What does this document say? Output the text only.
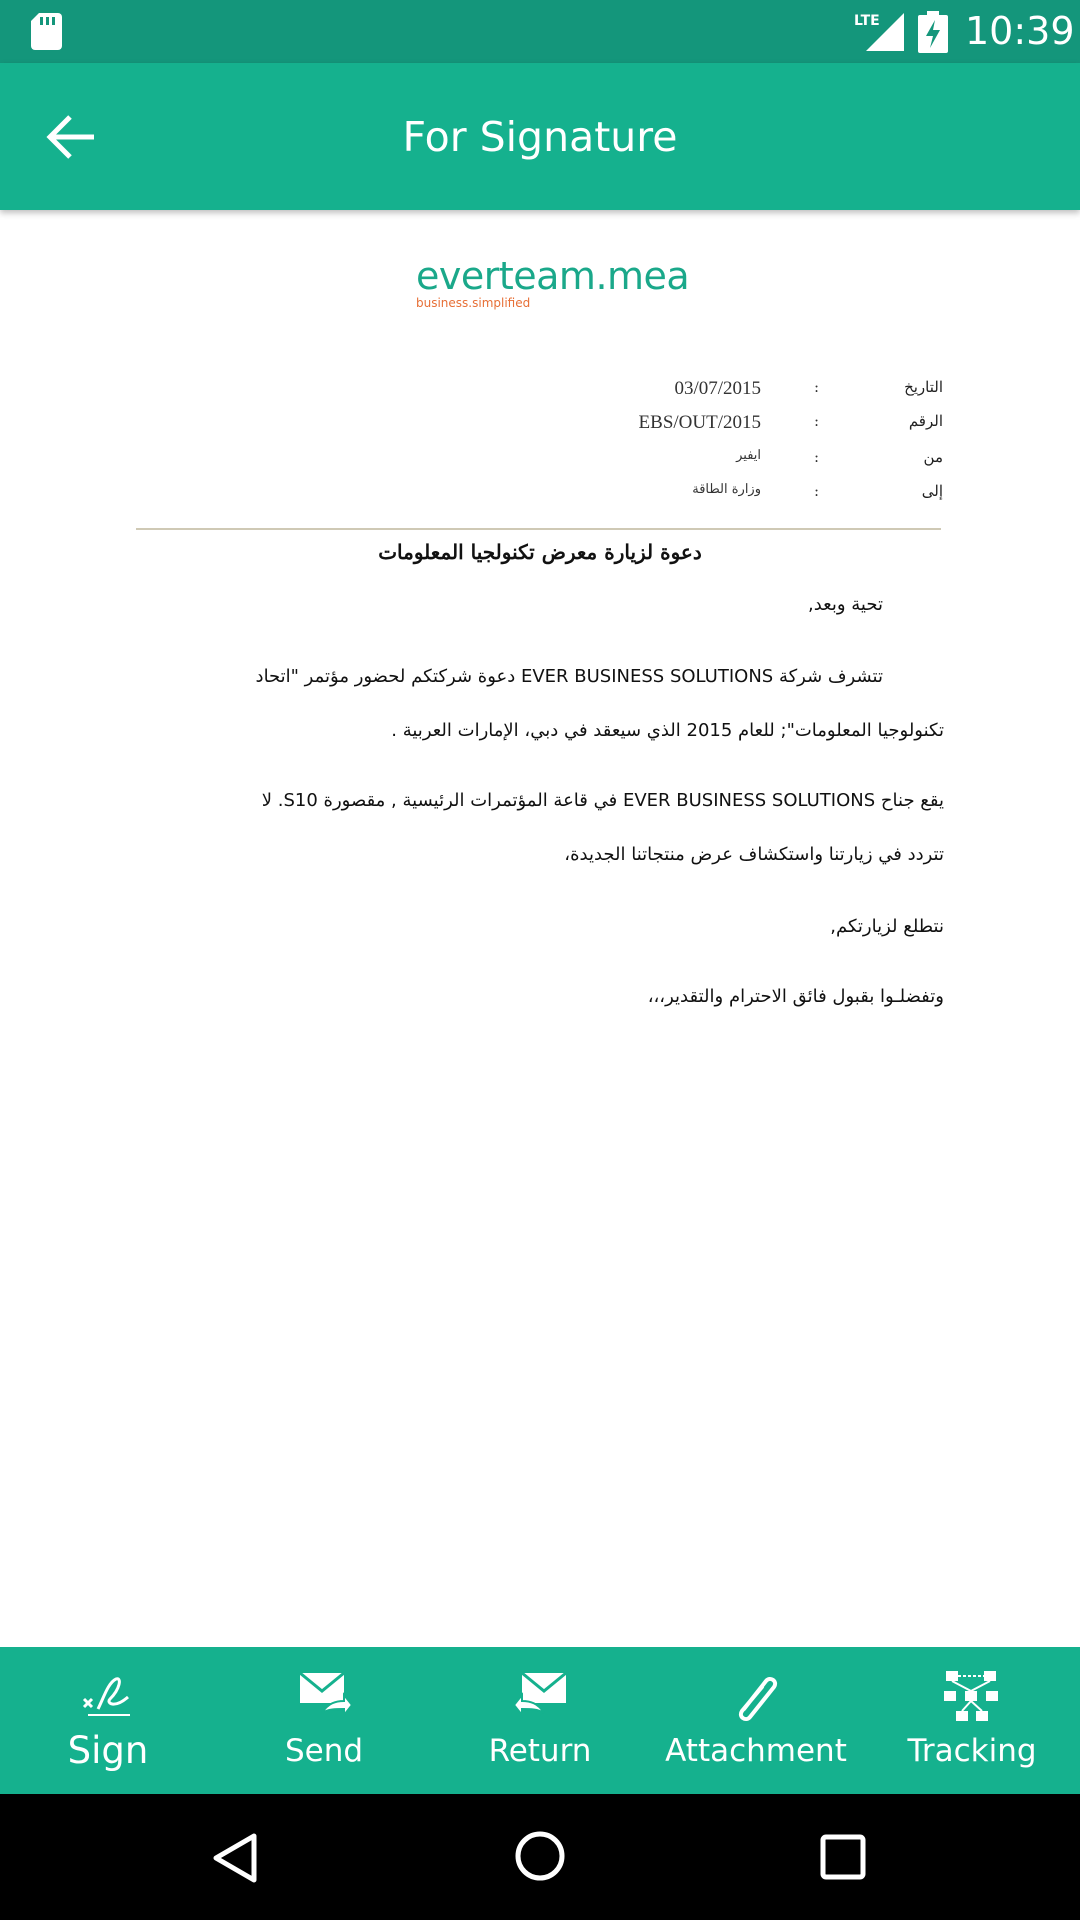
LTE 10:39
For Signature
everteam.mea
business.simplified
03/07/2015	:	التاريخ
EBS/OUT/2015	:	الرقم
ايفير	:	من
وزارة الطاقة	:	إلى
دعوة لزيارة معرض تكنولجيا المعلومات
تحية وبعد,
تتشرف شركة EVER BUSINESS SOLUTIONS دعوة شركتكم لحضور مؤتمر "اتحاد
تكنولوجيا المعلومات"; للعام 2015 الذي سيعقد في دبي، الإمارات العربية .
يقع جناح EVER BUSINESS SOLUTIONS في قاعة المؤتمرات الرئيسية , مقصورة S10. لا
تتردد في زيارتنا واستكشاف عرض منتجاتنا الجديدة،
نتطلع لزيارتكم,
وتفضلـوا بقبول فائق الاحترام والتقدير،،،
Sign	Send	Return	Attachment	Tracking
